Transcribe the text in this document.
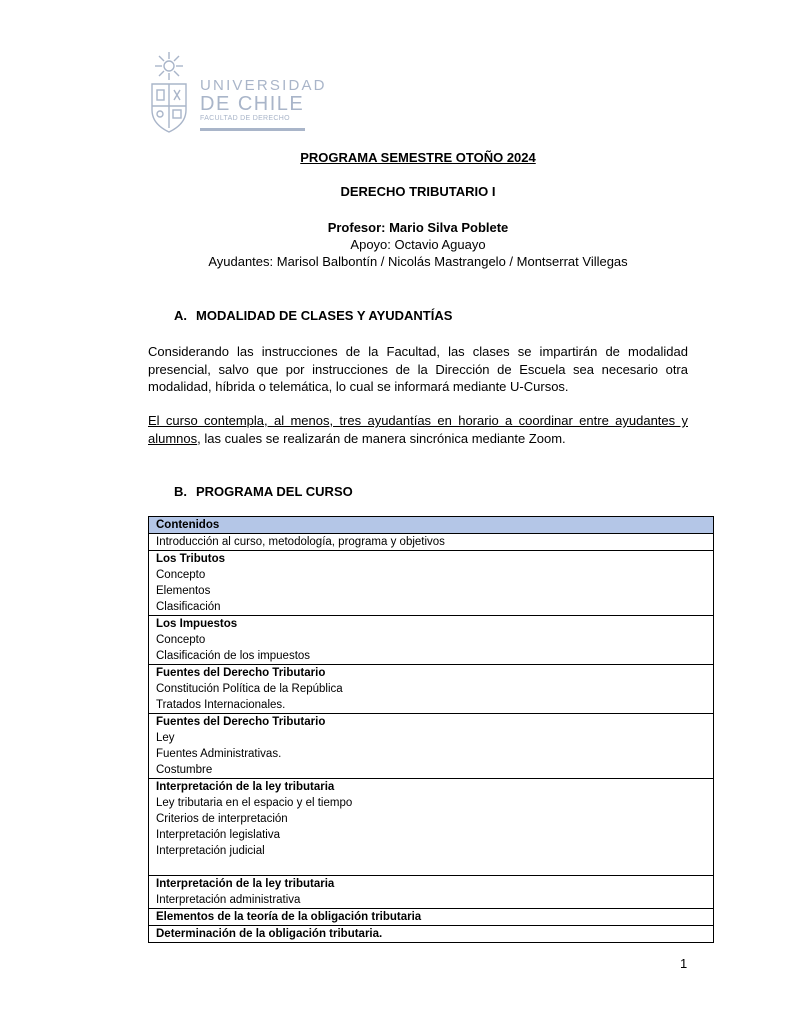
UNIVERSIDAD
DE CHILE
FACULTAD DE DERECHO
PROGRAMA SEMESTRE OTOÑO 2024
DERECHO TRIBUTARIO I
Profesor: Mario Silva Poblete
Apoyo: Octavio Aguayo
Ayudantes: Marisol Balbontín / Nicolás Mastrangelo / Montserrat Villegas
A. MODALIDAD DE CLASES Y AYUDANTÍAS
Considerando las instrucciones de la Facultad, las clases se impartirán de modalidad presencial, salvo que por instrucciones de la Dirección de Escuela sea necesario otra modalidad, híbrida o telemática, lo cual se informará mediante U-Cursos.
El curso contempla, al menos, tres ayudantías en horario a coordinar entre ayudantes y alumnos, las cuales se realizarán de manera sincrónica mediante Zoom.
B. PROGRAMA DEL CURSO
Contenidos

Introducción al curso, metodología, programa y objetivos

Los Tributos
Concepto
Elementos
Clasificación

Los Impuestos
Concepto
Clasificación de los impuestos

Fuentes del Derecho Tributario
Constitución Política de la República
Tratados Internacionales.

Fuentes del Derecho Tributario
Ley
Fuentes Administrativas.
Costumbre

Interpretación de la ley tributaria
Ley tributaria en el espacio y el tiempo
Criterios de interpretación
Interpretación legislativa
Interpretación judicial

Interpretación de la ley tributaria
Interpretación administrativa

Elementos de la teoría de la obligación tributaria

Determinación de la obligación tributaria.
1
